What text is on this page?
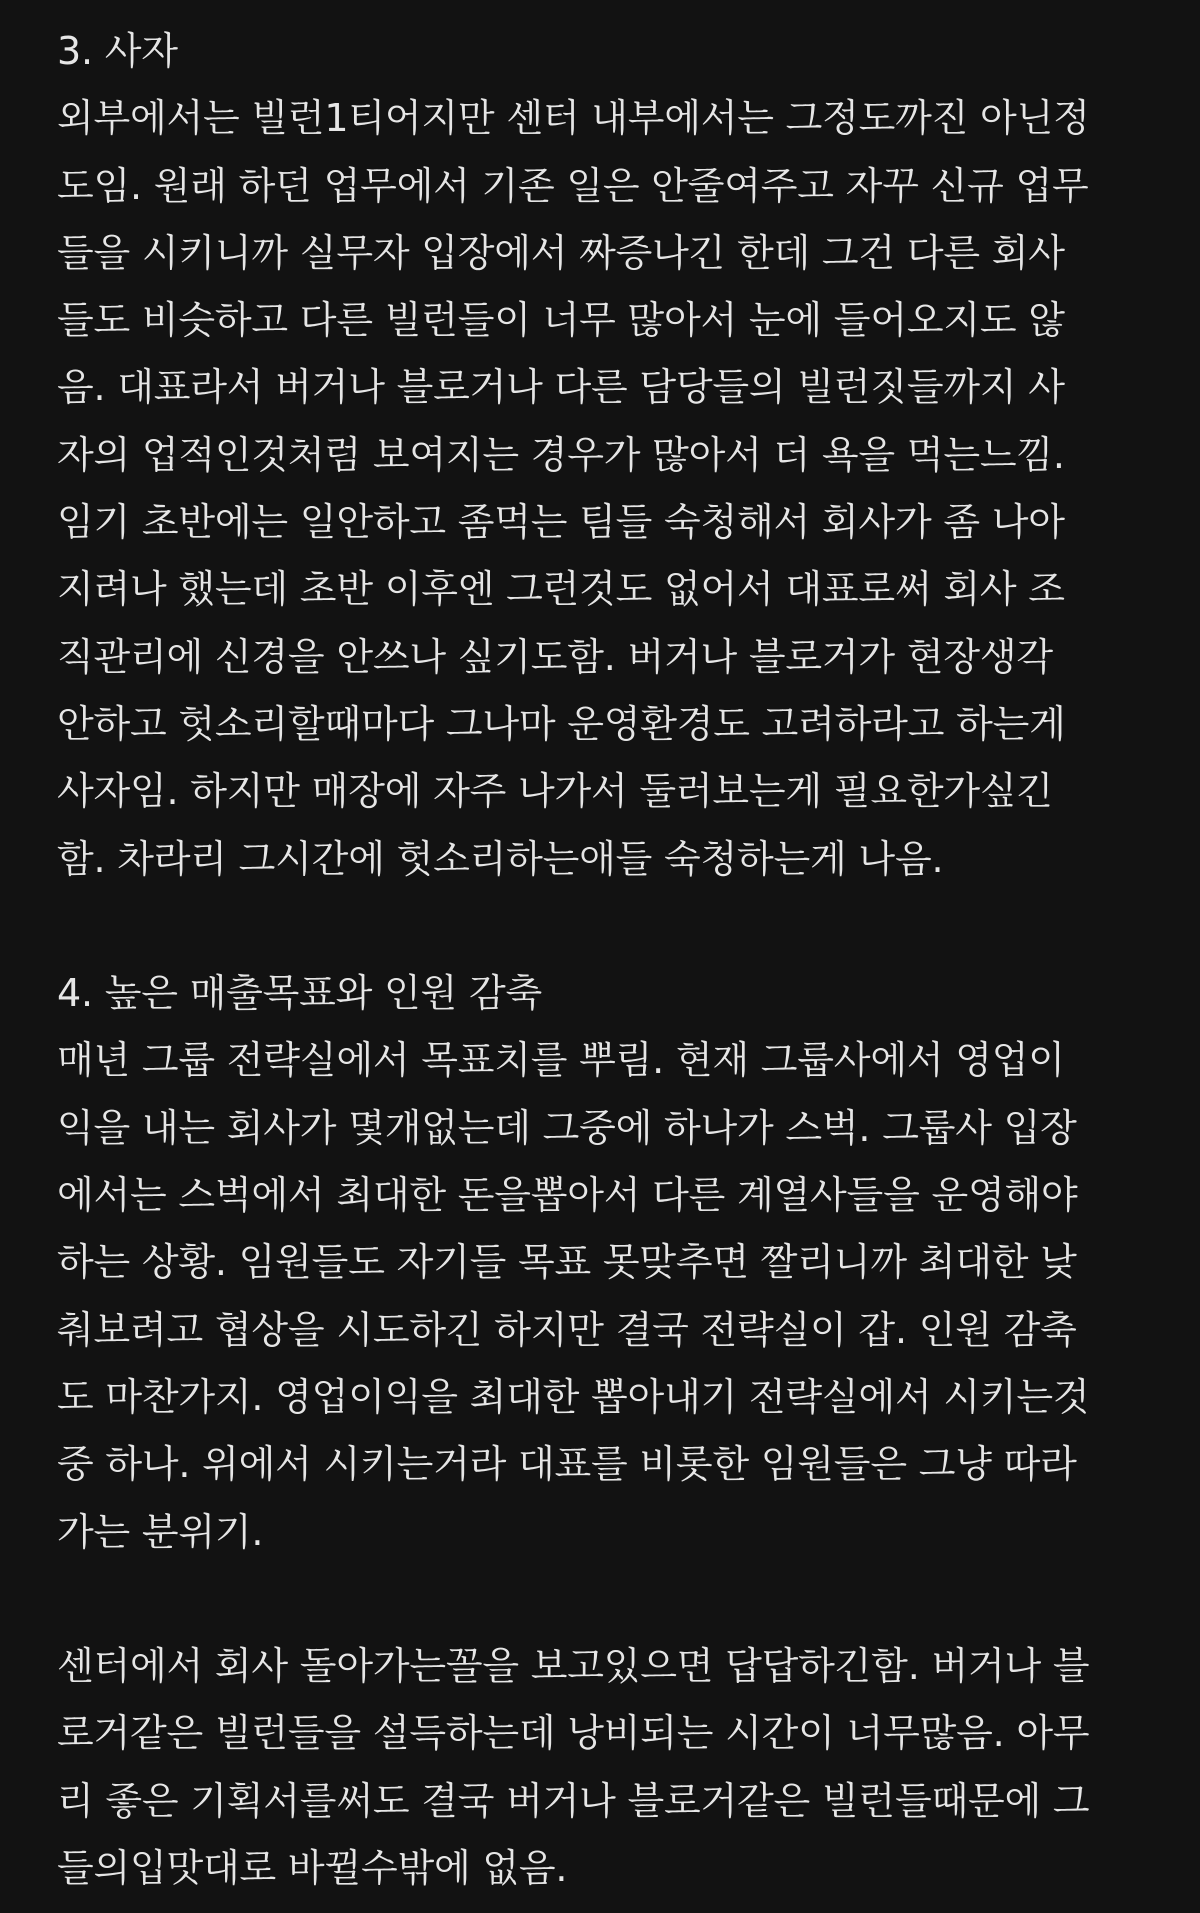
3. 사자
외부에서는 빌런1티어지만 센터 내부에서는 그정도까진 아닌정
도임. 원래 하던 업무에서 기존 일은 안줄여주고 자꾸 신규 업무
들을 시키니까 실무자 입장에서 짜증나긴 한데 그건 다른 회사
들도 비슷하고 다른 빌런들이 너무 많아서 눈에 들어오지도 않
음. 대표라서 버거나 블로거나 다른 담당들의 빌런짓들까지 사
자의 업적인것처럼 보여지는 경우가 많아서 더 욕을 먹는느낌.
임기 초반에는 일안하고 좀먹는 팀들 숙청해서 회사가 좀 나아
지려나 했는데 초반 이후엔 그런것도 없어서 대표로써 회사 조
직관리에 신경을 안쓰나 싶기도함. 버거나 블로거가 현장생각
안하고 헛소리할때마다 그나마 운영환경도 고려하라고 하는게
사자임. 하지만 매장에 자주 나가서 둘러보는게 필요한가싶긴
함. 차라리 그시간에 헛소리하는애들 숙청하는게 나음.
4. 높은 매출목표와 인원 감축
매년 그룹 전략실에서 목표치를 뿌림. 현재 그룹사에서 영업이
익을 내는 회사가 몇개없는데 그중에 하나가 스벅. 그룹사 입장
에서는 스벅에서 최대한 돈을뽑아서 다른 계열사들을 운영해야
하는 상황. 임원들도 자기들 목표 못맞추면 짤리니까 최대한 낮
춰보려고 협상을 시도하긴 하지만 결국 전략실이 갑. 인원 감축
도 마찬가지. 영업이익을 최대한 뽑아내기 전략실에서 시키는것
중 하나. 위에서 시키는거라 대표를 비롯한 임원들은 그냥 따라
가는 분위기.
센터에서 회사 돌아가는꼴을 보고있으면 답답하긴함. 버거나 블
로거같은 빌런들을 설득하는데 낭비되는 시간이 너무많음. 아무
리 좋은 기획서를써도 결국 버거나 블로거같은 빌런들때문에 그
들의입맛대로 바뀔수밖에 없음.
